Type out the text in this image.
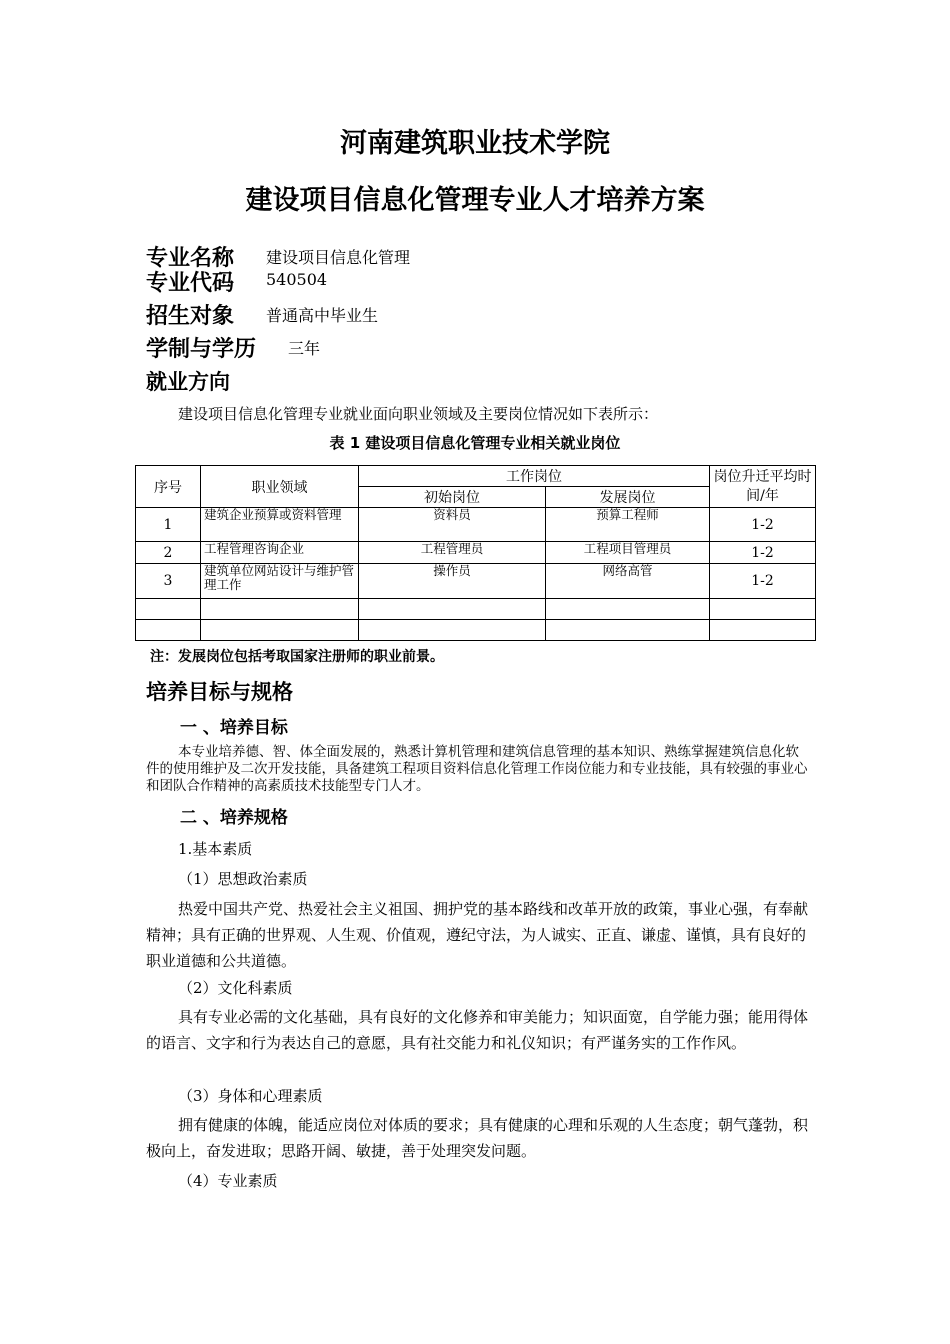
河南建筑职业技术学院
建设项目信息化管理专业人才培养方案
专业名称 建设项目信息化管理
专业代码 540504
招生对象 普通高中毕业生
学制与学历 三年
就业方向
建设项目信息化管理专业就业面向职业领域及主要岗位情况如下表所示：
表 1 建设项目信息化管理专业相关就业岗位
序号	职业领域	工作岗位		岗位升迁平均时间/年
		初始岗位	发展岗位	
1	建筑企业预算或资料管理	资料员	预算工程师	1-2
2	工程管理咨询企业	工程管理员	工程项目管理员	1-2
3	建筑单位网站设计与维护管理工作	操作员	网络高管	1-2

注：发展岗位包括考取国家注册师的职业前景。
培养目标与规格
一 、培养目标
本专业培养德、智、体全面发展的，熟悉计算机管理和建筑信息管理的基本知识、熟练掌握建筑信息化软件的使用维护及二次开发技能，具备建筑工程项目资料信息化管理工作岗位能力和专业技能，具有较强的事业心和团队合作精神的高素质技术技能型专门人才。
二 、培养规格
1.基本素质
（1）思想政治素质
热爱中国共产党、热爱社会主义祖国、拥护党的基本路线和改革开放的政策，事业心强，有奉献精神；具有正确的世界观、人生观、价值观，遵纪守法，为人诚实、正直、谦虚、谨慎，具有良好的职业道德和公共道德。
（2）文化科素质
具有专业必需的文化基础，具有良好的文化修养和审美能力；知识面宽，自学能力强；能用得体的语言、文字和行为表达自己的意愿，具有社交能力和礼仪知识；有严谨务实的工作作风。
（3）身体和心理素质
拥有健康的体魄，能适应岗位对体质的要求；具有健康的心理和乐观的人生态度；朝气蓬勃，积极向上，奋发进取；思路开阔、敏捷，善于处理突发问题。
（4）专业素质
